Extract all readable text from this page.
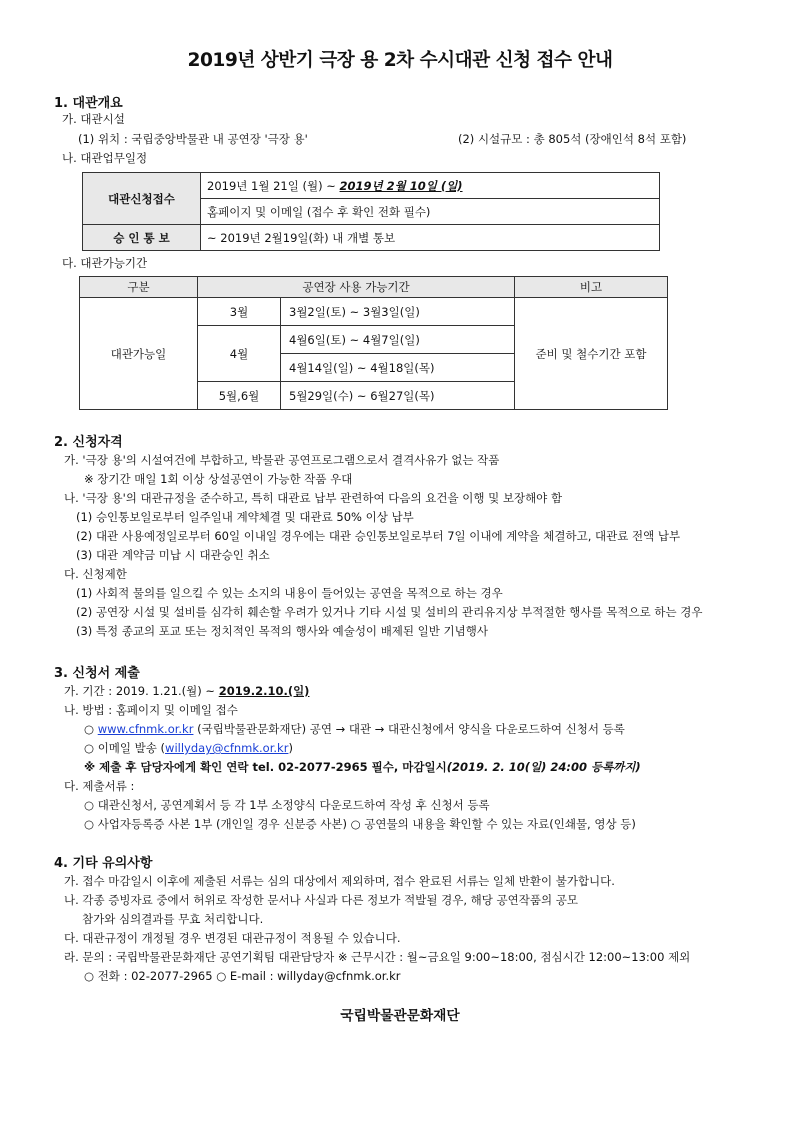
2019년 상반기 극장 용 2차 수시대관 신청 접수 안내
1. 대관개요
가. 대관시설
(1) 위치 : 국립중앙박물관 내 공연장 '극장 용'	(2) 시설규모 : 총 805석 (장애인석 8석 포함)
나. 대관업무일정
대관신청접수	2019년 1월 21일 (월) ~ 2019년 2월 10일 (일)
	홈페이지 및 이메일 (접수 후 확인 전화 필수)
승 인 통 보	~ 2019년 2월19일(화) 내 개별 통보
다. 대관가능기간
구분	공연장 사용 가능기간		비고
대관가능일	3월	3월2일(토) ~ 3월3일(일)	준비 및 철수기간 포함
	4월	4월6일(토) ~ 4월7일(일)	
		4월14일(일) ~ 4월18일(목)	
	5월,6월	5월29일(수) ~ 6월27일(목)	
2. 신청자격
가. '극장 용'의 시설여건에 부합하고, 박물관 공연프로그램으로서 결격사유가 없는 작품
※ 장기간 매일 1회 이상 상설공연이 가능한 작품 우대
나. '극장 용'의 대관규정을 준수하고, 특히 대관료 납부 관련하여 다음의 요건을 이행 및 보장해야 함
(1) 승인통보일로부터 일주일내 계약체결 및 대관료 50% 이상 납부
(2) 대관 사용예정일로부터 60일 이내일 경우에는 대관 승인통보일로부터 7일 이내에 계약을 체결하고, 대관료 전액 납부
(3) 대관 계약금 미납 시 대관승인 취소
다. 신청제한
(1) 사회적 물의를 일으킬 수 있는 소지의 내용이 들어있는 공연을 목적으로 하는 경우
(2) 공연장 시설 및 설비를 심각히 훼손할 우려가 있거나 기타 시설 및 설비의 관리유지상 부적절한 행사를 목적으로 하는 경우
(3) 특정 종교의 포교 또는 정치적인 목적의 행사와 예술성이 배제된 일반 기념행사
3. 신청서 제출
가. 기간 : 2019. 1.21.(월) ~ 2019.2.10.(일)
나. 방법 : 홈페이지 및 이메일 접수
○ www.cfnmk.or.kr (국립박물관문화재단) 공연 → 대관 → 대관신청에서 양식을 다운로드하여 신청서 등록
○ 이메일 발송 (willyday@cfnmk.or.kr)
※ 제출 후 담당자에게 확인 연락 tel. 02-2077-2965 필수, 마감일시(2019. 2. 10(일) 24:00 등록까지)
다. 제출서류 :
○ 대관신청서, 공연계획서 등 각 1부 소정양식 다운로드하여 작성 후 신청서 등록
○ 사업자등록증 사본 1부 (개인일 경우 신분증 사본) ○ 공연물의 내용을 확인할 수 있는 자료(인쇄물, 영상 등)
4. 기타 유의사항
가. 접수 마감일시 이후에 제출된 서류는 심의 대상에서 제외하며, 접수 완료된 서류는 일체 반환이 불가합니다.
나. 각종 증빙자료 중에서 허위로 작성한 문서나 사실과 다른 정보가 적발될 경우, 해당 공연작품의 공모
참가와 심의결과를 무효 처리합니다.
다. 대관규정이 개정될 경우 변경된 대관규정이 적용될 수 있습니다.
라. 문의 : 국립박물관문화재단 공연기획팀 대관담당자 ※ 근무시간 : 월~금요일 9:00~18:00, 점심시간 12:00~13:00 제외
○ 전화 : 02-2077-2965 ○ E-mail : willyday@cfnmk.or.kr
국립박물관문화재단
